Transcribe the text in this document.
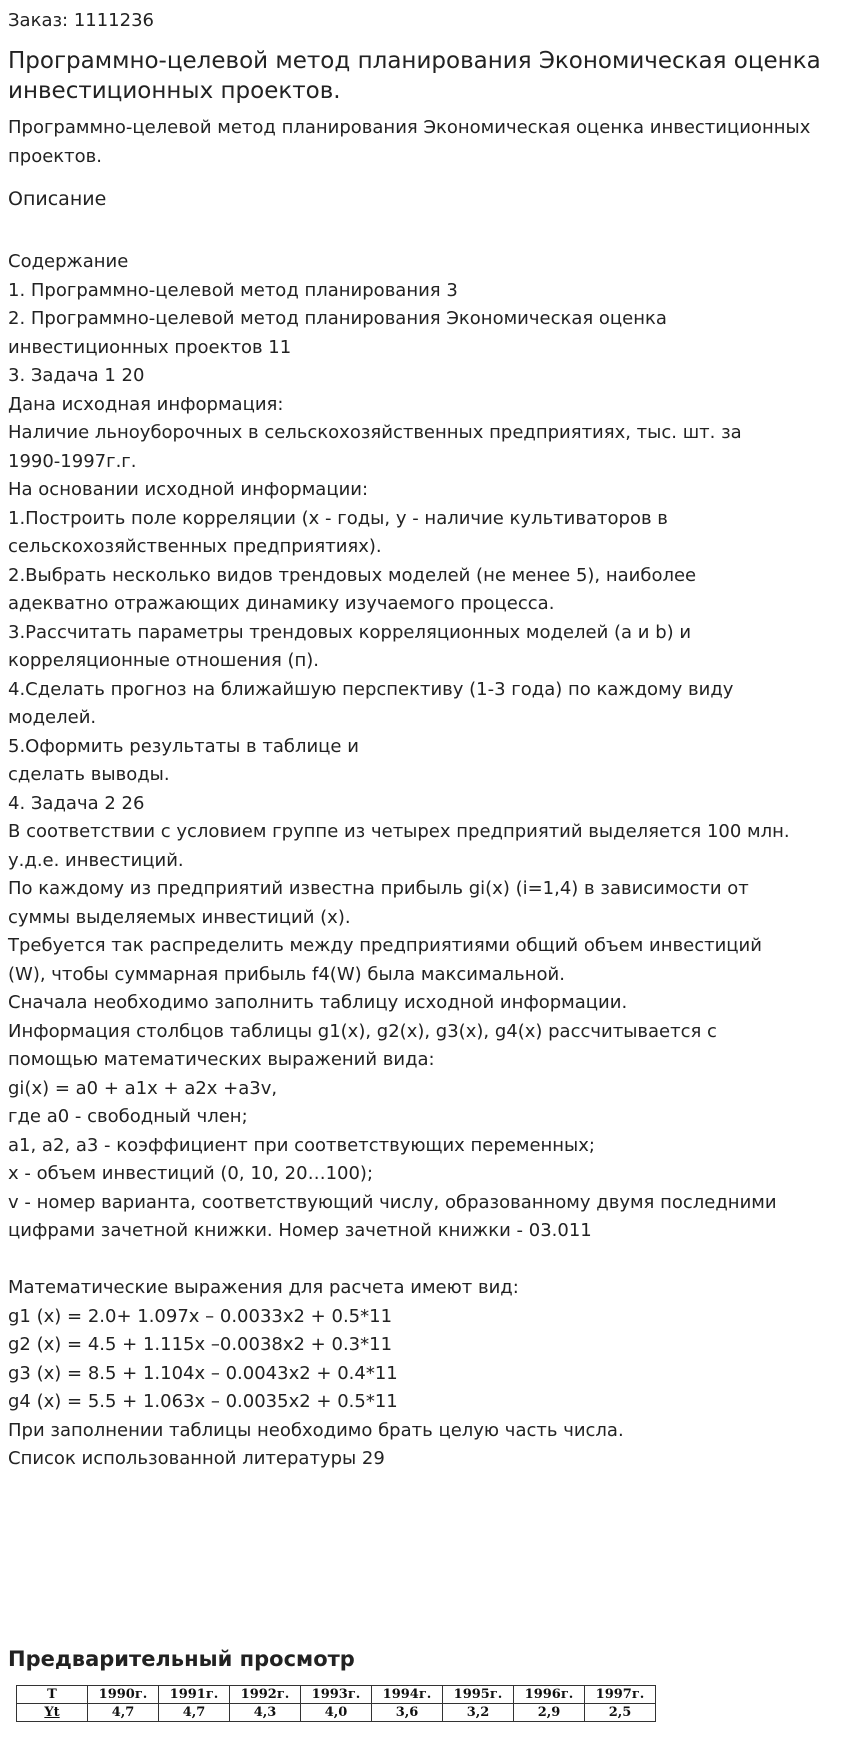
Заказ: 1111236
Программно-целевой метод планирования Экономическая оценка инвестиционных проектов.

Программно-целевой метод планирования Экономическая оценка инвестиционных проектов.

Описание
Содержание
1. Программно-целевой метод планирования 3
2. Программно-целевой метод планирования Экономическая оценка
инвестиционных проектов 11
3. Задача 1 20
Дана исходная информация:
Наличие льноуборочных в сельскохозяйственных предприятиях, тыс. шт. за
1990-1997г.г.
На основании исходной информации:
1.Построить поле корреляции (x - годы, y - наличие культиваторов в
сельскохозяйственных предприятиях).
2.Выбрать несколько видов трендовых моделей (не менее 5), наиболее
адекватно отражающих динамику изучаемого процесса.
3.Рассчитать параметры трендовых корреляционных моделей (a и b) и
корреляционные отношения (п).
4.Сделать прогноз на ближайшую перспективу (1-3 года) по каждому виду
моделей.
5.Оформить результаты в таблице и
сделать выводы.
4. Задача 2 26
В соответствии с условием группе из четырех предприятий выделяется 100 млн.
у.д.е. инвестиций.
По каждому из предприятий известна прибыль gi(x) (i=1,4) в зависимости от
суммы выделяемых инвестиций (x).
Требуется так распределить между предприятиями общий объем инвестиций
(W), чтобы суммарная прибыль f4(W) была максимальной.
Сначала необходимо заполнить таблицу исходной информации.
Информация столбцов таблицы g1(x), g2(x), g3(x), g4(x) рассчитывается с
помощью математических выражений вида:
gi(x) = a0 + a1x + a2x +a3v,
где a0 - свободный член;
a1, a2, a3 - коэффициент при соответствующих переменных;
x - объем инвестиций (0, 10, 20…100);
v - номер варианта, соответствующий числу, образованному двумя последними
цифрами зачетной книжки. Номер зачетной книжки - 03.011
Математические выражения для расчета имеют вид:
g1 (x) = 2.0+ 1.097x – 0.0033x2 + 0.5*11
g2 (x) = 4.5 + 1.115x –0.0038x2 + 0.3*11
g3 (x) = 8.5 + 1.104x – 0.0043x2 + 0.4*11
g4 (x) = 5.5 + 1.063x – 0.0035x2 + 0.5*11
При заполнении таблицы необходимо брать целую часть числа.
Список использованной литературы 29
Предварительный просмотр
T	1990г.	1991г.	1992г.	1993г.	1994г.	1995г.	1996г.	1997г.
Yt	4,7	4,7	4,3	4,0	3,6	3,2	2,9	2,5
